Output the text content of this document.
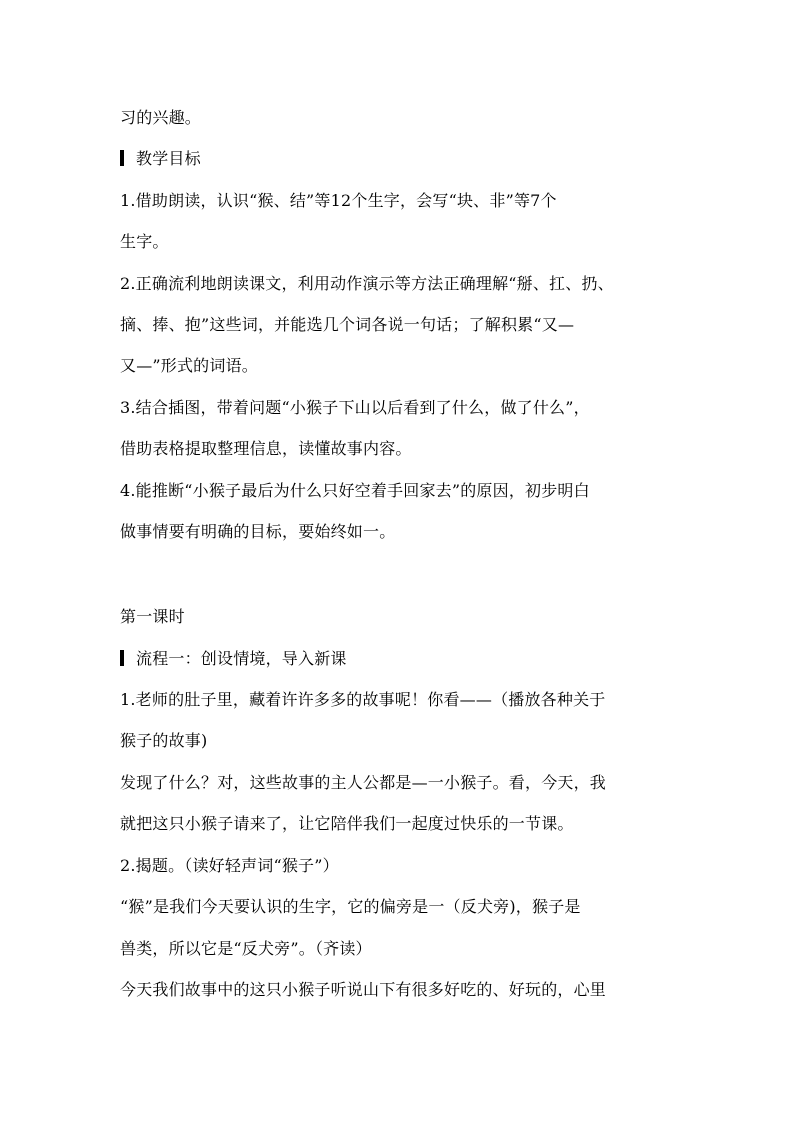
习的兴趣。
教学目标
1.借助朗读，认识“猴、结”等12个生字，会写“块、非”等7个
生字。
2.正确流利地朗读课文，利用动作演示等方法正确理解“掰、扛、扔、
摘、捧、抱”这些词，并能选几个词各说一句话；了解积累“又—
又—”形式的词语。
3.结合插图，带着问题“小猴子下山以后看到了什么，做了什么”，
借助表格提取整理信息，读懂故事内容。
4.能推断“小猴子最后为什么只好空着手回家去”的原因，初步明白
做事情要有明确的目标，要始终如一。
第一课时
流程一：创设情境，导入新课
1.老师的肚子里，藏着许许多多的故事呢！你看——（播放各种关于
猴子的故事)
发现了什么？对，这些故事的主人公都是—一小猴子。看，今天，我
就把这只小猴子请来了，让它陪伴我们一起度过快乐的一节课。
2.揭题。（读好轻声词“猴子”）
“猴”是我们今天要认识的生字，它的偏旁是一（反犬旁)，猴子是
兽类，所以它是“反犬旁”。（齐读）
今天我们故事中的这只小猴子听说山下有很多好吃的、好玩的，心里
